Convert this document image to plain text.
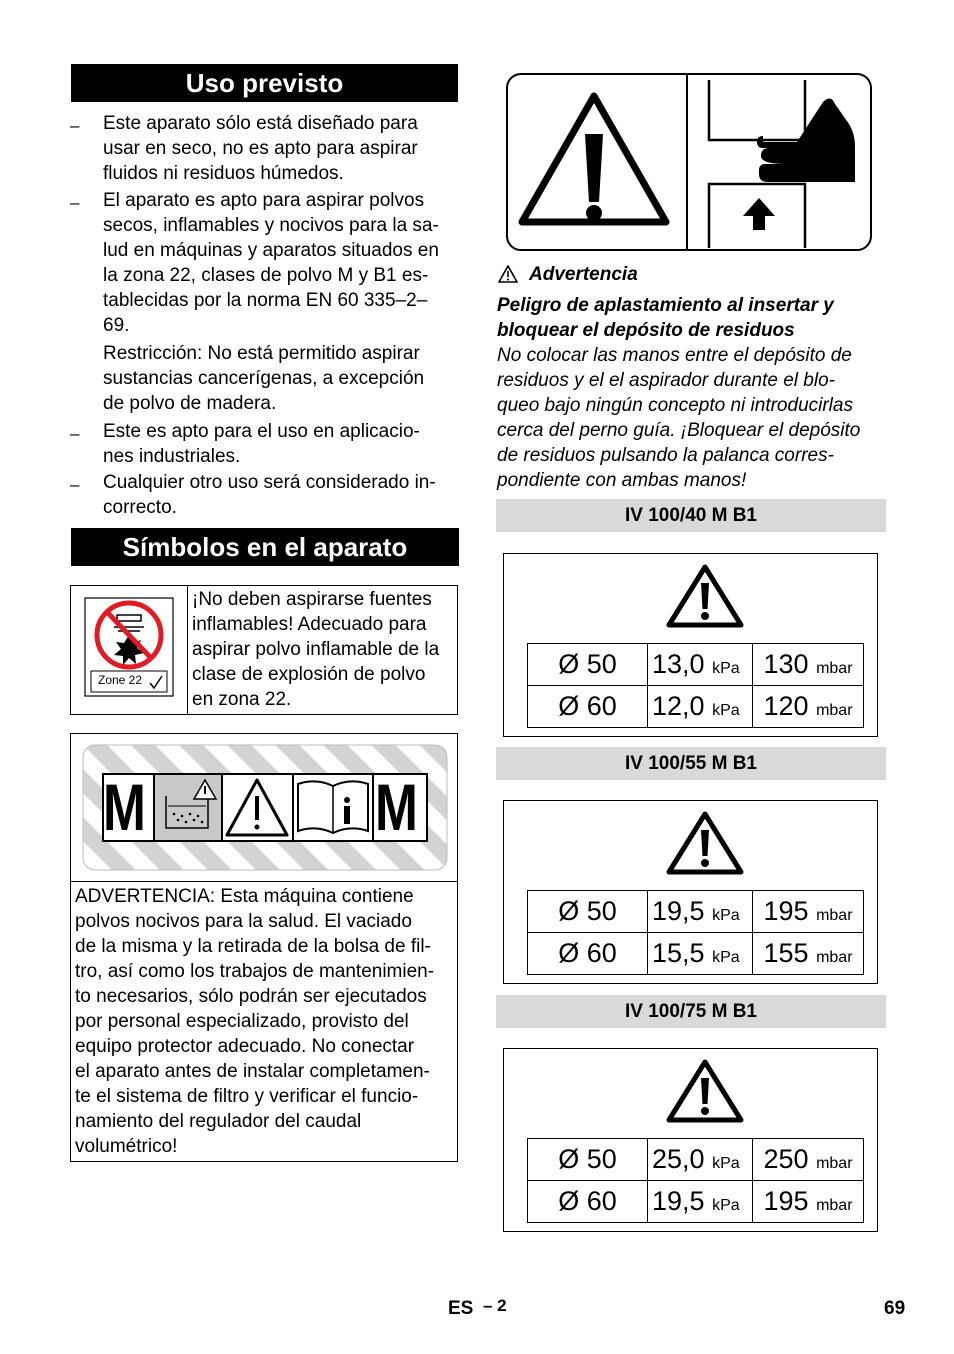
Uso previsto
– Este aparato sólo está diseñado para
usar en seco, no es apto para aspirar
fluidos ni residuos húmedos.
– El aparato es apto para aspirar polvos
secos, inflamables y nocivos para la sa-
lud en máquinas y aparatos situados en
la zona 22, clases de polvo M y B1 es-
tablecidas por la norma EN 60 335–2–
69.
Restricción: No está permitido aspirar
sustancias cancerígenas, a excepción
de polvo de madera.
– Este es apto para el uso en aplicacio-
nes industriales.
– Cualquier otro uso será considerado in-
correcto.
Símbolos en el aparato
Zone 22
¡No deben aspirarse fuentes
inflamables! Adecuado para
aspirar polvo inflamable de la
clase de explosión de polvo
en zona 22.
M	M
ADVERTENCIA: Esta máquina contiene
polvos nocivos para la salud. El vaciado
de la misma y la retirada de la bolsa de fil-
tro, así como los trabajos de mantenimien-
to necesarios, sólo podrán ser ejecutados
por personal especializado, provisto del
equipo protector adecuado. No conectar
el aparato antes de instalar completamen-
te el sistema de filtro y verificar el funcio-
namiento del regulador del caudal
volumétrico!
Advertencia
Peligro de aplastamiento al insertar y
bloquear el depósito de residuos
No colocar las manos entre el depósito de
residuos y el el aspirador durante el blo-
queo bajo ningún concepto ni introducirlas
cerca del perno guía. ¡Bloquear el depósito
de residuos pulsando la palanca corres-
pondiente con ambas manos!
IV 100/40 M B1
Ø 50	13,0 kPa	130 mbar
Ø 60	12,0 kPa	120 mbar
IV 100/55 M B1
Ø 50	19,5 kPa	195 mbar
Ø 60	15,5 kPa	155 mbar
IV 100/75 M B1
Ø 50	25,0 kPa	250 mbar
Ø 60	19,5 kPa	195 mbar
ES – 2	69
